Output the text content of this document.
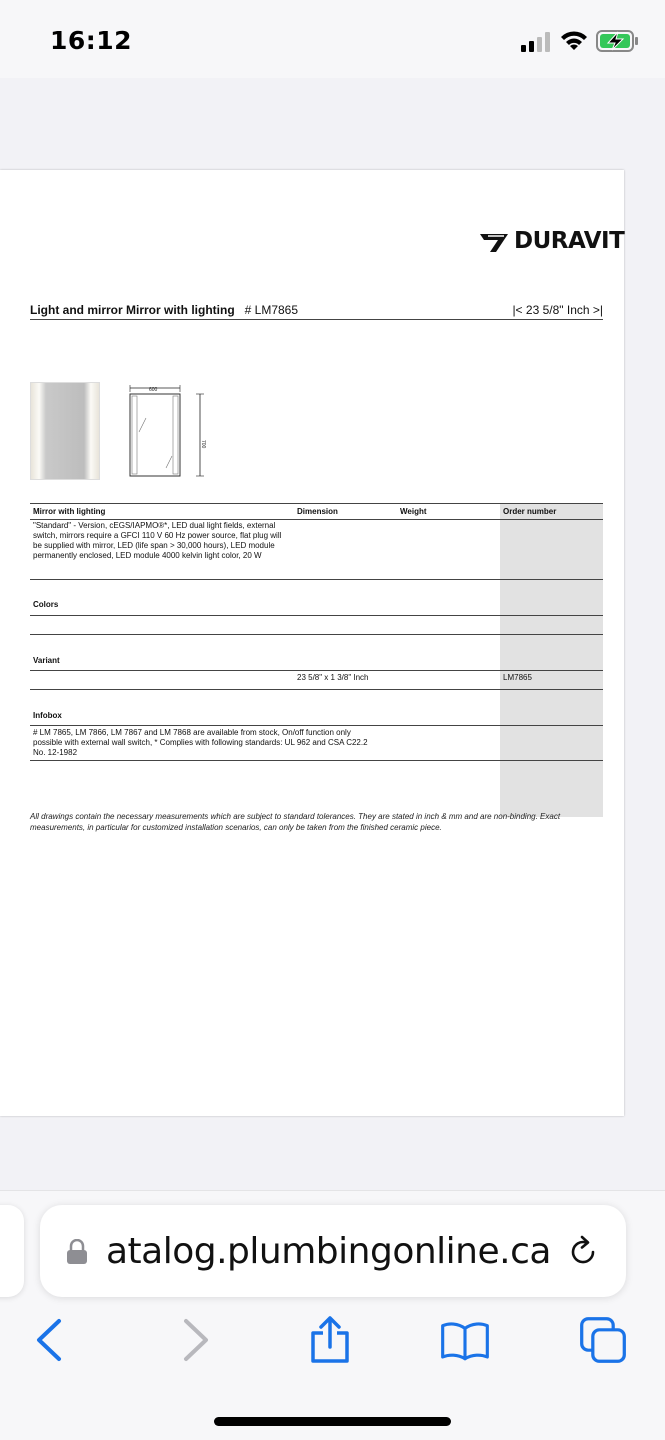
16:12
DURAVIT
Light and mirror Mirror with lighting # LM7865	|< 23 5/8" Inch >|
600
700
Mirror with lighting	Dimension	Weight	Order number
"Standard" - Version, cEGS/IAPMO®*, LED dual light fields, external switch, mirrors require a GFCI 110 V 60 Hz power source, flat plug will be supplied with mirror, LED (life span > 30,000 hours), LED module permanently enclosed, LED module 4000 kelvin light color, 20 W			
Colors			

Variant			
	23 5/8" x 1 3/8" Inch		LM7865
Infobox			
# LM 7865, LM 7866, LM 7867 and LM 7868 are available from stock, On/off function only possible with external wall switch, * Complies with following standards: UL 962 and CSA C22.2 No. 12-1982			

All drawings contain the necessary measurements which are subject to standard tolerances. They are stated in inch & mm and are non-binding. Exact measurements, in particular for customized installation scenarios, can only be taken from the finished ceramic piece.
atalog.plumbingonline.ca
